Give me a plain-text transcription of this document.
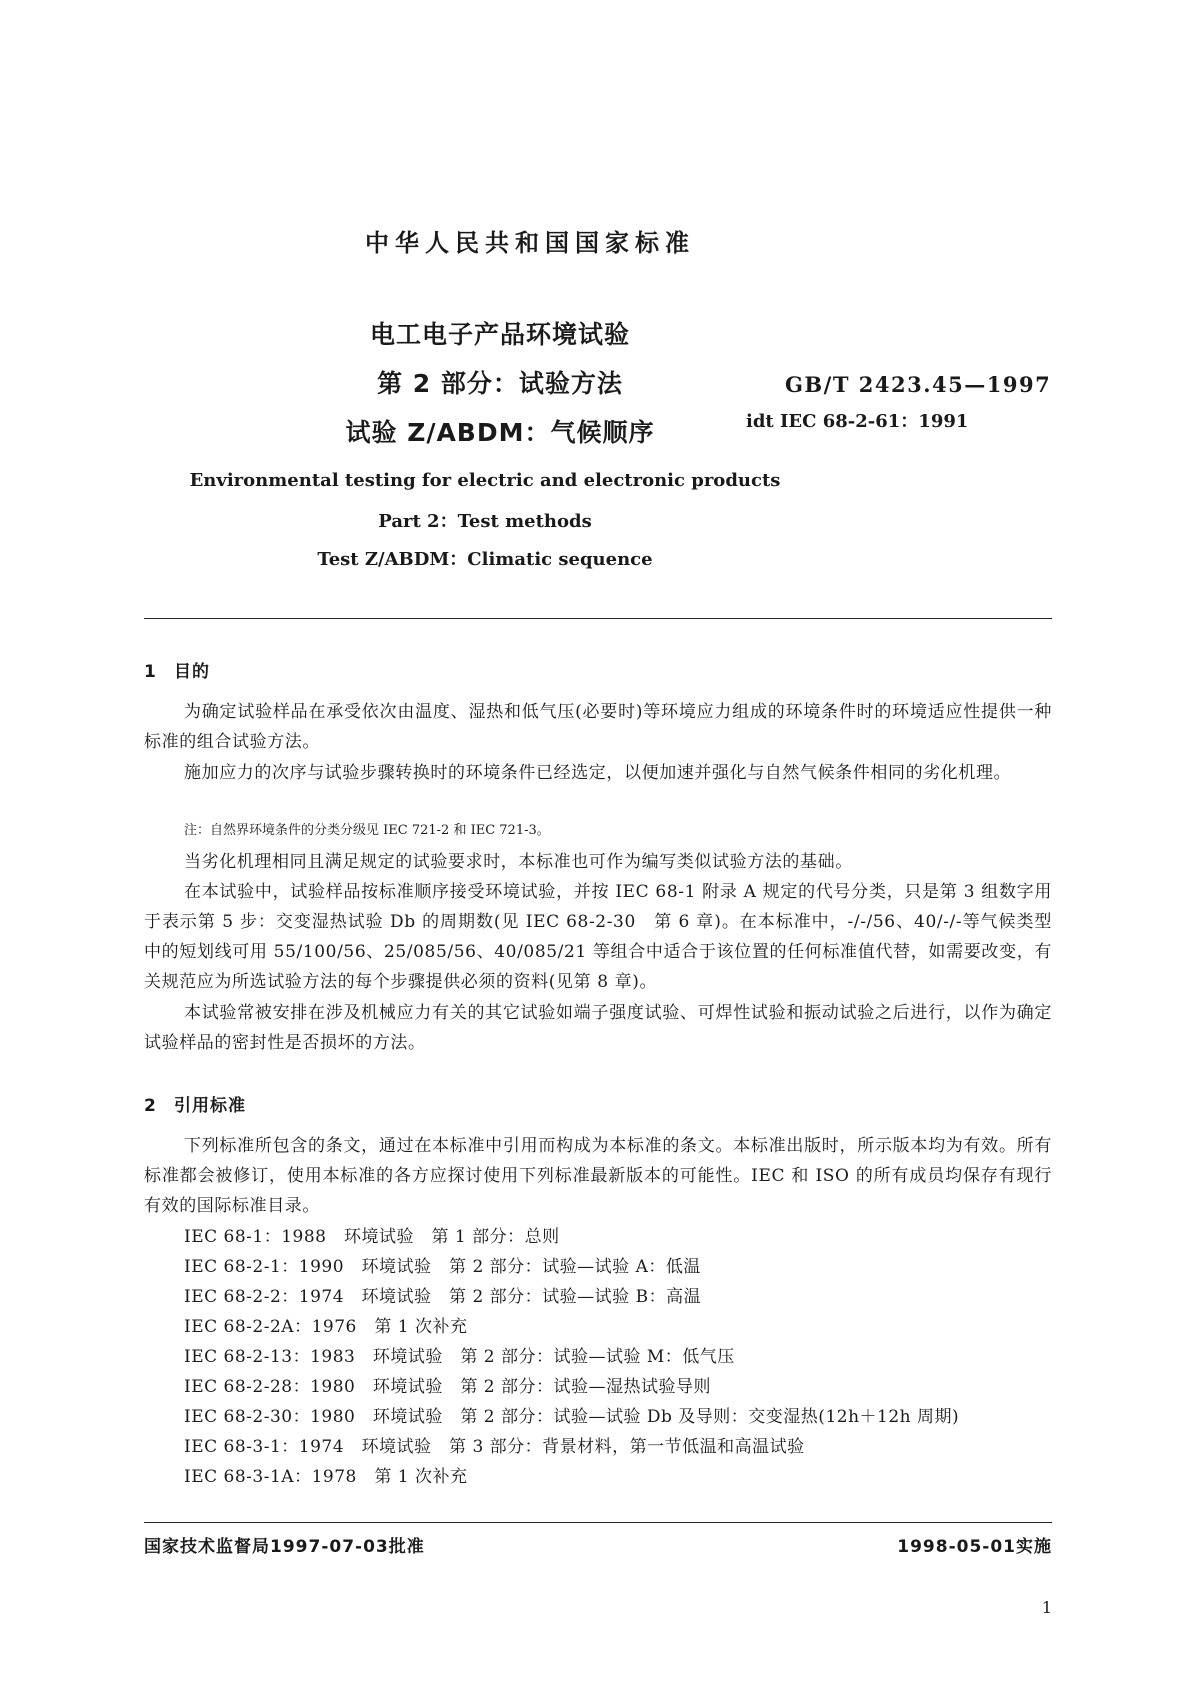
中华人民共和国国家标准
电工电子产品环境试验
第 2 部分：试验方法
试验 Z/ABDM：气候顺序
GB/T 2423.45—1997
idt IEC 68-2-61：1991
Environmental testing for electric and electronic products
Part 2：Test methods
Test Z/ABDM：Climatic sequence
1 目的
为确定试验样品在承受依次由温度、湿热和低气压(必要时)等环境应力组成的环境条件时的环境适应性提供一种标准的组合试验方法。
施加应力的次序与试验步骤转换时的环境条件已经选定，以便加速并强化与自然气候条件相同的劣化机理。
注：自然界环境条件的分类分级见 IEC 721-2 和 IEC 721-3。
当劣化机理相同且满足规定的试验要求时，本标准也可作为编写类似试验方法的基础。
在本试验中，试验样品按标准顺序接受环境试验，并按 IEC 68-1 附录 A 规定的代号分类，只是第 3 组数字用于表示第 5 步：交变湿热试验 Db 的周期数(见 IEC 68-2-30　第 6 章)。在本标准中，-/-/56、40/-/-等气候类型中的短划线可用 55/100/56、25/085/56、40/085/21 等组合中适合于该位置的任何标准值代替，如需要改变，有关规范应为所选试验方法的每个步骤提供必须的资料(见第 8 章)。
本试验常被安排在涉及机械应力有关的其它试验如端子强度试验、可焊性试验和振动试验之后进行，以作为确定试验样品的密封性是否损坏的方法。
2 引用标准
下列标准所包含的条文，通过在本标准中引用而构成为本标准的条文。本标准出版时，所示版本均为有效。所有标准都会被修订，使用本标准的各方应探讨使用下列标准最新版本的可能性。IEC 和 ISO 的所有成员均保存有现行有效的国际标准目录。
IEC 68-1：1988　环境试验　第 1 部分：总则
IEC 68-2-1：1990　环境试验　第 2 部分：试验—试验 A：低温
IEC 68-2-2：1974　环境试验　第 2 部分：试验—试验 B：高温
IEC 68-2-2A：1976　第 1 次补充
IEC 68-2-13：1983　环境试验　第 2 部分：试验—试验 M：低气压
IEC 68-2-28：1980　环境试验　第 2 部分：试验—湿热试验导则
IEC 68-2-30：1980　环境试验　第 2 部分：试验—试验 Db 及导则：交变湿热(12h＋12h 周期)
IEC 68-3-1：1974　环境试验　第 3 部分：背景材料，第一节低温和高温试验
IEC 68-3-1A：1978　第 1 次补充
国家技术监督局1997-07-03批准	1998-05-01实施
1
